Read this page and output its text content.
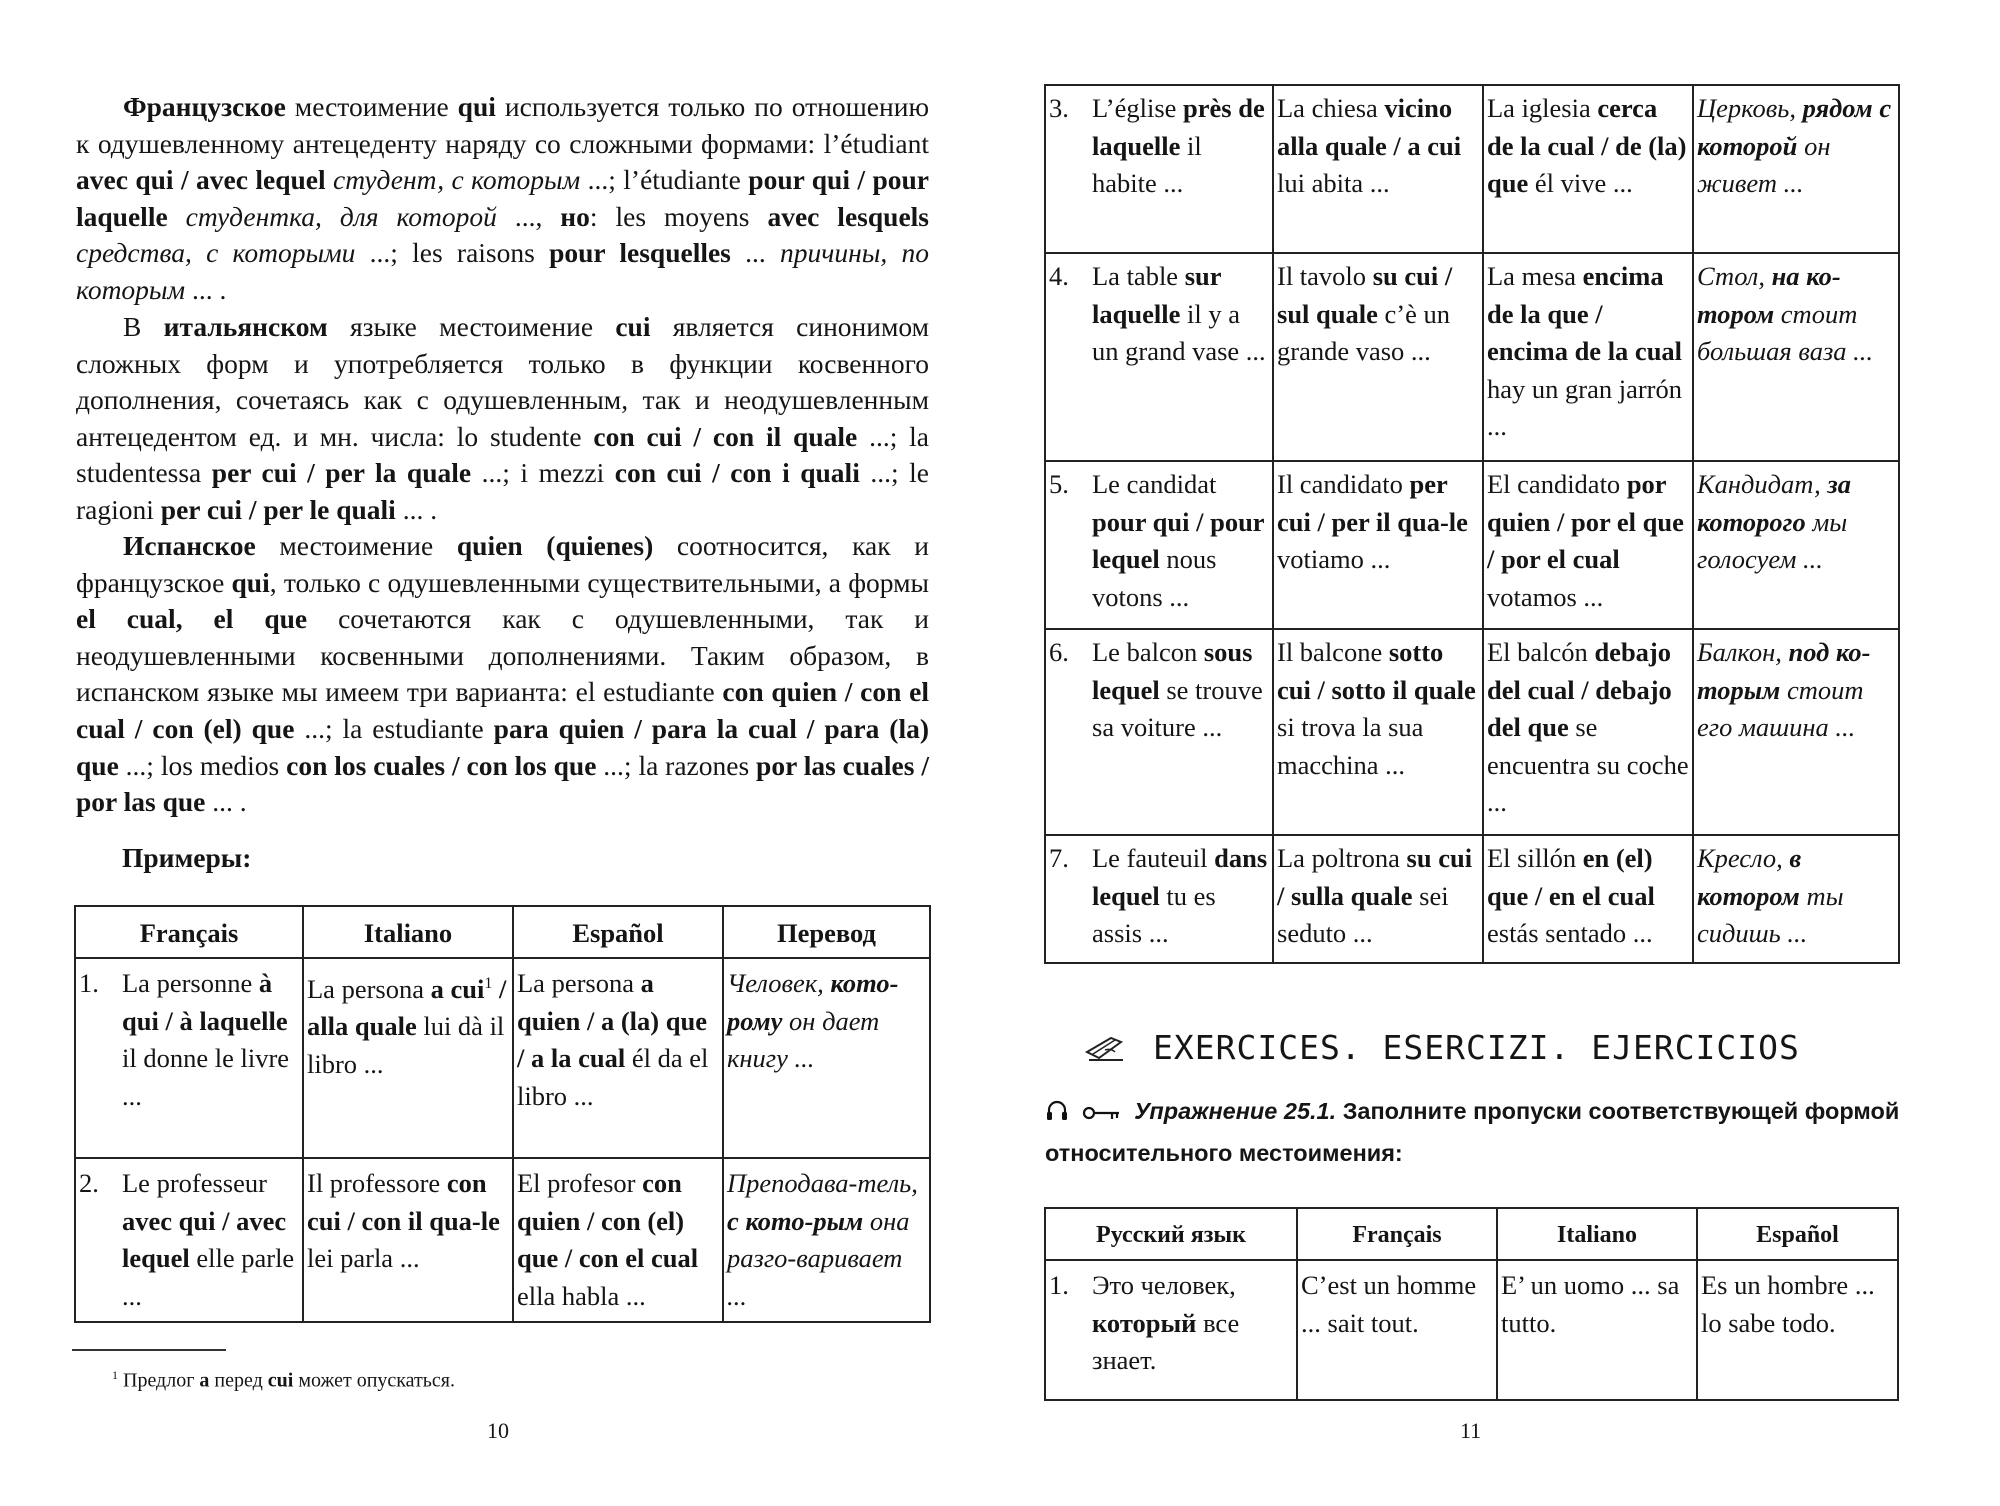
Французское местоимение qui используется только по отношению к одушевленному антецеденту наряду со сложными формами: l’étudiant avec qui / avec lequel студент, с которым ...; l’étudiante pour qui / pour laquelle студентка, для которой ..., но: les moyens avec lesquels средства, с которыми ...; les raisons pour lesquelles ... причины, по которым ... .

В итальянском языке местоимение cui является синонимом сложных форм и употребляется только в функции косвенного дополнения, сочетаясь как с одушевленным, так и неодушевленным антецедентом ед. и мн. числа: lo studente con cui / con il quale ...; la studentessa per cui / per la quale ...; i mezzi con cui / con i quali ...; le ragioni per cui / per le quali ... .

Испанское местоимение quien (quienes) соотносится, как и французское qui, только с одушевленными существительными, а формы el cual, el que сочетаются как с одушевленными, так и неодушевленными косвенными дополнениями. Таким образом, в испанском языке мы имеем три варианта: el estudiante con quien / con el cual / con (el) que ...; la estudiante para quien / para la cual / para (la) que ...; los medios con los cuales / con los que ...; la razones por las cuales / por las que ... .

Примеры:

Français	Italiano	Español	Перевод

1. La personne à qui / à laquelle il donne le livre ...	La persona a cui$^1$ / alla quale lui dà il libro ...	La persona a quien / a (la) que / a la cual él da el libro ...	Человек, кото-рому он дает книгу ...

2. Le professeur avec qui / avec lequel elle parle ...	Il professore con cui / con il qua-le lei parla ...	El profesor con quien / con (el) que / con el cual ella habla ...	Преподава-тель, с кото-рым она разго-варивает ...

$^1$ Предлог a перед cui может опускаться.

10

3. L’église près de laquelle il habite ...	La chiesa vicino alla quale / a cui lui abita ...	La iglesia cerca de la cual / de (la) que él vive ...	Церковь, рядом с которой он живет ...

4. La table sur laquelle il y a un grand vase ...	Il tavolo su cui / sul quale c’è un grande vaso ...	La mesa encima de la que / encima de la cual hay un gran jarrón ...	Стол, на ко-тором стоит большая ваза ...

5. Le candidat pour qui / pour lequel nous votons ...	Il candidato per cui / per il qua-le votiamo ...	El candidato por quien / por el que / por el cual votamos ...	Кандидат, за которого мы голосуем ...

6. Le balcon sous lequel se trouve sa voiture ...	Il balcone sotto cui / sotto il quale si trova la sua macchina ...	El balcón debajo del cual / debajo del que se encuentra su coche ...	Балкон, под ко-торым стоит его машина ...

7. Le fauteuil dans lequel tu es assis ...	La poltrona su cui / sulla quale sei seduto ...	El sillón en (el) que / en el cual estás sentado ...	Кресло, в котором ты сидишь ...

EXERCICES. ESERCIZI. EJERCICIOS

Упражнение 25.1. Заполните пропуски соответствующей формой относительного местоимения:

Русский язык	Français	Italiano	Español

1. Это человек, который все знает.	C’est un homme ... sait tout.	E’ un uomo ... sa tutto.	Es un hombre ... lo sabe todo.

11
